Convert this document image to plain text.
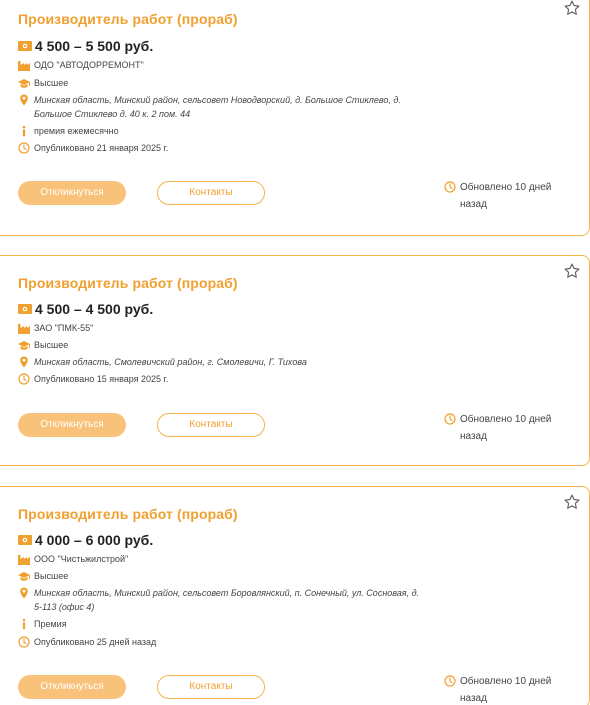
Производитель работ (прораб)
4 500 – 5 500 руб.
ОДО "АВТОДОРРЕМОНТ"
Высшее
Минская область, Минский район, сельсовет Новодворский, д. Большое Стиклево, д. Большое Стиклево д. 40 к. 2 пом. 44
премия ежемесячно
Опубликовано 21 января 2025 г.
Откликнуться	Контакты	Обновлено 10 дней назад
Производитель работ (прораб)
4 500 – 4 500 руб.
ЗАО "ПМК-55"
Высшее
Минская область, Смолевичский район, г. Смолевичи, Г. Тихова
Опубликовано 15 января 2025 г.
Откликнуться	Контакты	Обновлено 10 дней назад
Производитель работ (прораб)
4 000 – 6 000 руб.
ООО "Чистьжилстрой"
Высшее
Минская область, Минский район, сельсовет Боровлянский, п. Сонечный, ул. Сосновая, д. 5-113 (офис 4)
Премия
Опубликовано 25 дней назад
Откликнуться	Контакты	Обновлено 10 дней назад
